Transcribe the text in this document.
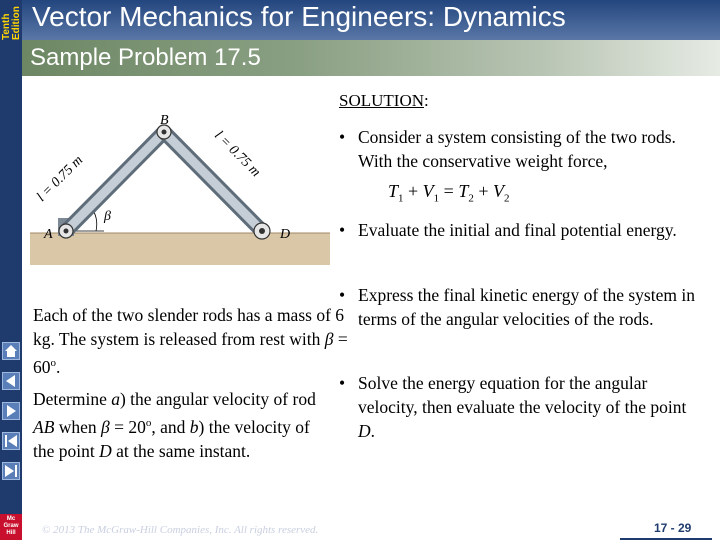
Tenth Edition
Mc
Graw
Hill
Vector Mechanics for Engineers: Dynamics
Sample Problem 17.5
B
A	D
β
l = 0.75 m	l = 0.75 m
SOLUTION:
• Consider a system consisting of the two rods. With the conservative weight force,
$T_1 + V_1 = T_2 + V_2$
• Evaluate the initial and final potential energy.
• Express the final kinetic energy of the system in terms of the angular velocities of the rods.
• Solve the energy equation for the angular velocity, then evaluate the velocity of the point D.
Each of the two slender rods has a mass of 6 kg. The system is released from rest with $\beta = 60^o$.
Determine a) the angular velocity of rod AB when $\beta = 20^o$, and b) the velocity of the point D at the same instant.
© 2013 The McGraw-Hill Companies, Inc. All rights reserved.	17 - 29
